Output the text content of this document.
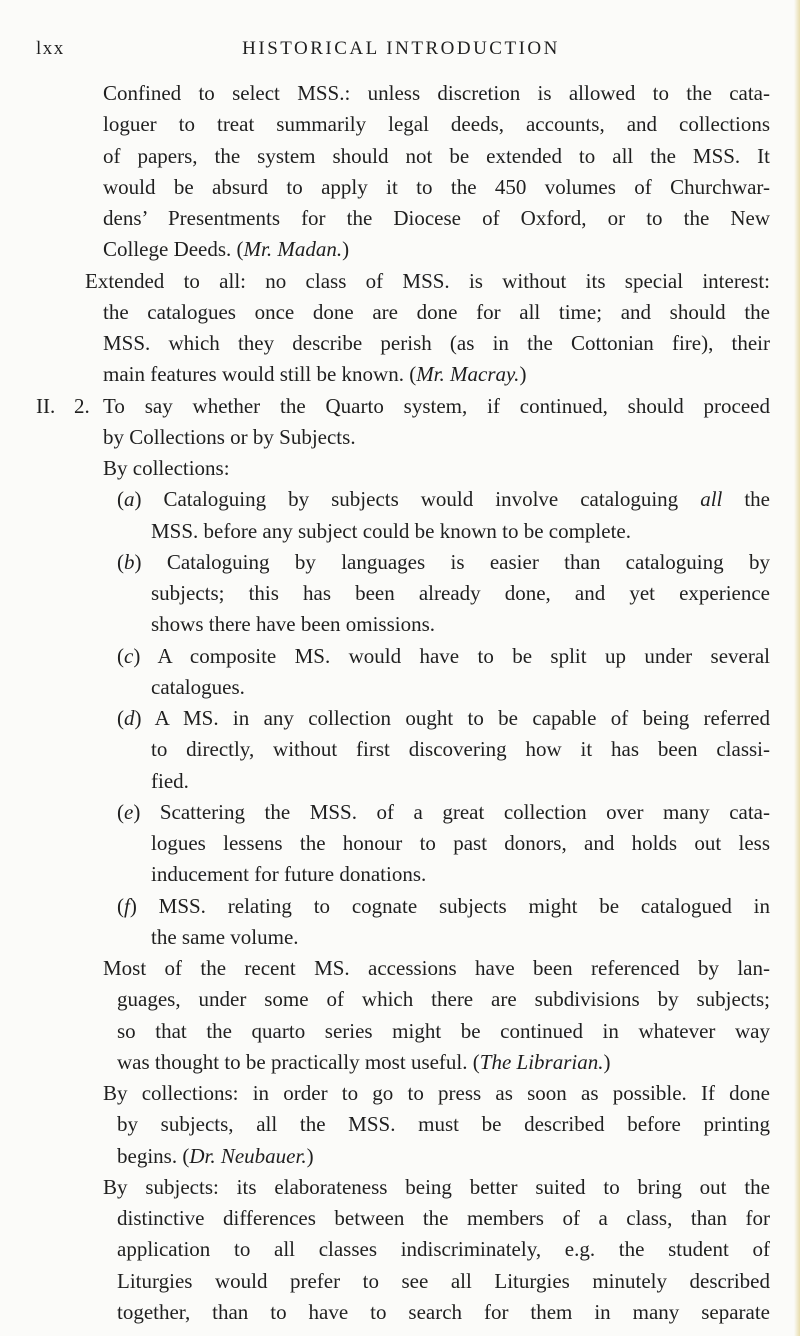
lxx	HISTORICAL INTRODUCTION
II. 2.
Confined to select MSS.: unless discretion is allowed to the cata-
loguer to treat summarily legal deeds, accounts, and collections
of papers, the system should not be extended to all the MSS. It
would be absurd to apply it to the 450 volumes of Churchwar-
dens’ Presentments for the Diocese of Oxford, or to the New
College Deeds. (Mr. Madan.)
Extended to all: no class of MSS. is without its special interest:
the catalogues once done are done for all time; and should the
MSS. which they describe perish (as in the Cottonian fire), their
main features would still be known. (Mr. Macray.)
To say whether the Quarto system, if continued, should proceed
by Collections or by Subjects.
By collections:
(a) Cataloguing by subjects would involve cataloguing all the
MSS. before any subject could be known to be complete.
(b) Cataloguing by languages is easier than cataloguing by
subjects; this has been already done, and yet experience
shows there have been omissions.
(c) A composite MS. would have to be split up under several
catalogues.
(d) A MS. in any collection ought to be capable of being referred
to directly, without first discovering how it has been classi-
fied.
(e) Scattering the MSS. of a great collection over many cata-
logues lessens the honour to past donors, and holds out less
inducement for future donations.
(f) MSS. relating to cognate subjects might be catalogued in
the same volume.
Most of the recent MS. accessions have been referenced by lan-
guages, under some of which there are subdivisions by subjects;
so that the quarto series might be continued in whatever way
was thought to be practically most useful. (The Librarian.)
By collections: in order to go to press as soon as possible. If done
by subjects, all the MSS. must be described before printing
begins. (Dr. Neubauer.)
By subjects: its elaborateness being better suited to bring out the
distinctive differences between the members of a class, than for
application to all classes indiscriminately, e.g. the student of
Liturgies would prefer to see all Liturgies minutely described
together, than to have to search for them in many separate
